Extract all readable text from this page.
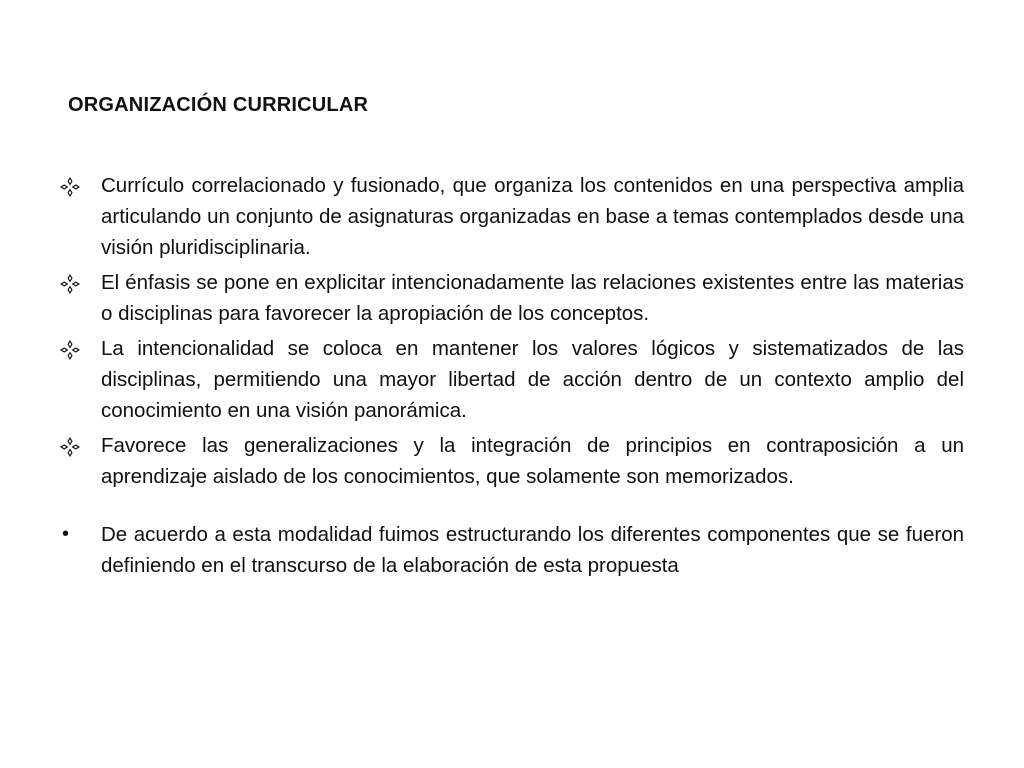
ORGANIZACIÓN CURRICULAR
Currículo correlacionado y fusionado, que organiza los contenidos en una perspectiva amplia articulando un conjunto de asignaturas organizadas en base a temas contemplados desde una visión pluridisciplinaria.
El énfasis se pone en explicitar intencionadamente las relaciones existentes entre las materias o disciplinas para favorecer la apropiación de los conceptos.
La intencionalidad se coloca en mantener los valores lógicos y sistematizados de las disciplinas, permitiendo una mayor libertad de acción dentro de un contexto amplio del conocimiento en una visión panorámica.
Favorece las generalizaciones y la integración de principios en contraposición a un aprendizaje aislado de los conocimientos, que solamente son memorizados.
•	De acuerdo a esta modalidad fuimos estructurando los diferentes componentes que se fueron definiendo en el transcurso de la elaboración de esta propuesta
